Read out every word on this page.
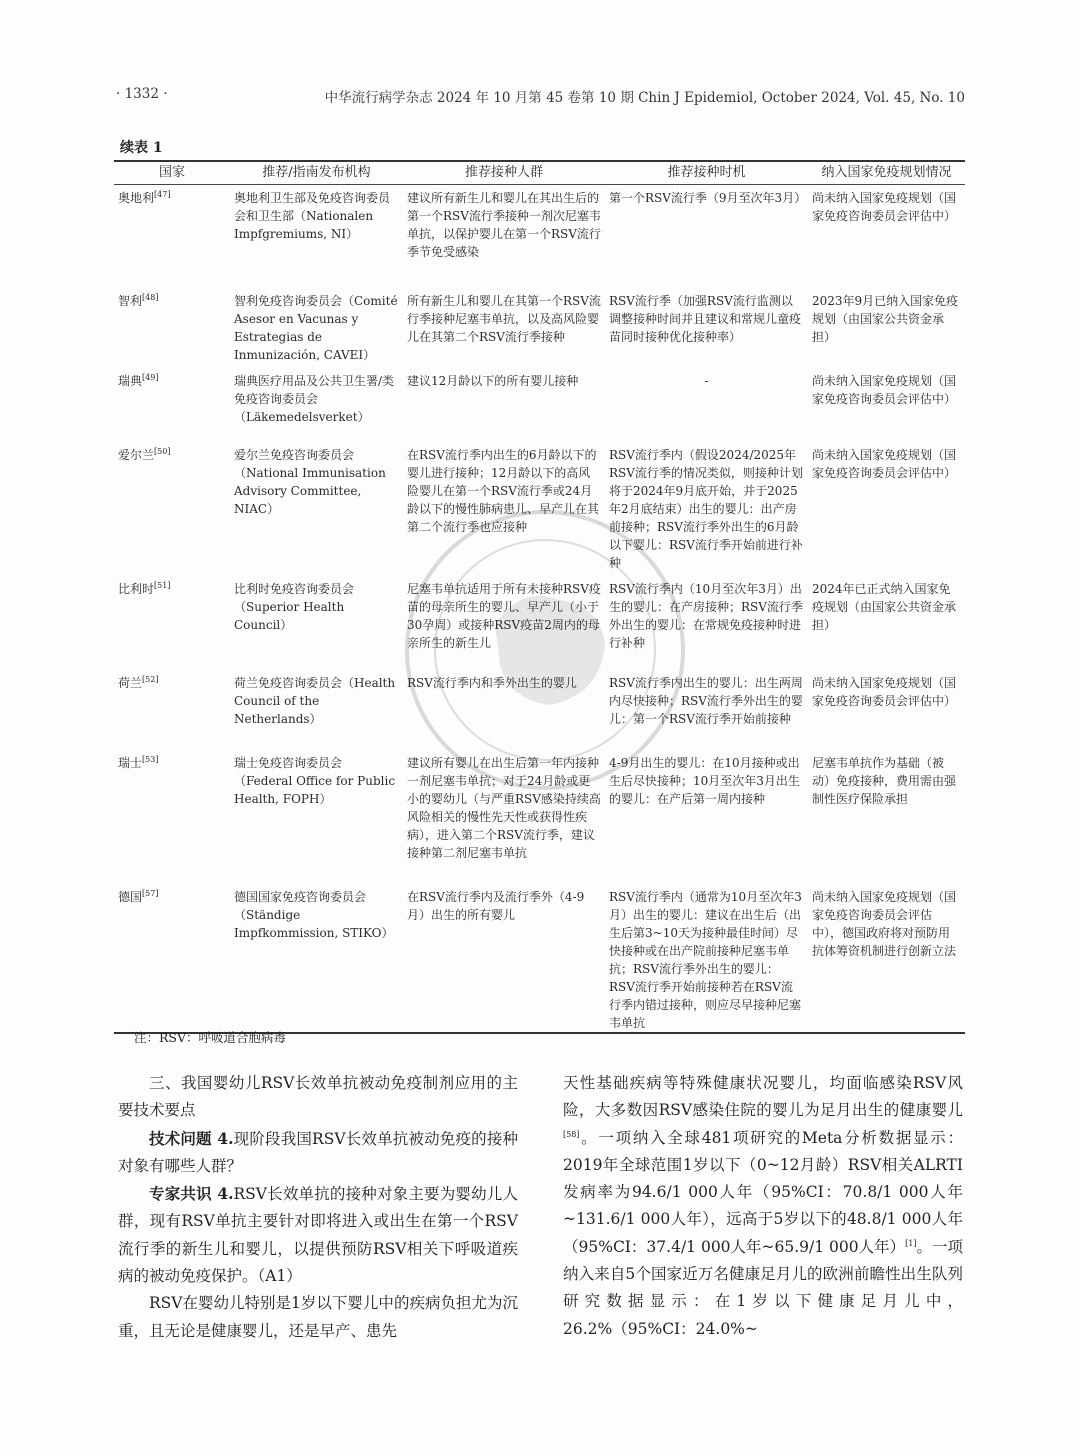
· 1332 ·	中华流行病学杂志 2024 年 10 月第 45 卷第 10 期 Chin J Epidemiol, October 2024, Vol. 45, No. 10
续表 1
国家	推荐/指南发布机构	推荐接种人群	推荐接种时机	纳入国家免疫规划情况
奥地利[47]	奥地利卫生部及免疫咨询委员会和卫生部（Nationalen Impfgremiums, NI）	建议所有新生儿和婴儿在其出生后的第一个RSV流行季接种一剂次尼塞韦单抗，以保护婴儿在第一个RSV流行季节免受感染	第一个RSV流行季（9月至次年3月）	尚未纳入国家免疫规划（国家免疫咨询委员会评估中）
智利[48]	智利免疫咨询委员会（Comité Asesor en Vacunas y Estrategias de Inmunización, CAVEI）	所有新生儿和婴儿在其第一个RSV流行季接种尼塞韦单抗，以及高风险婴儿在其第二个RSV流行季接种	RSV流行季（加强RSV流行监测以调整接种时间并且建议和常规儿童疫苗同时接种优化接种率）	2023年9月已纳入国家免疫规划（由国家公共资金承担）
瑞典[49]	瑞典医疗用品及公共卫生署/类免疫咨询委员会（Läkemedelsverket）	建议12月龄以下的所有婴儿接种	-	尚未纳入国家免疫规划（国家免疫咨询委员会评估中）
爱尔兰[50]	爱尔兰免疫咨询委员会（National Immunisation Advisory Committee, NIAC）	在RSV流行季内出生的6月龄以下的婴儿进行接种；12月龄以下的高风险婴儿在第一个RSV流行季或24月龄以下的慢性肺病患儿、早产儿在其第二个流行季也应接种	RSV流行季内（假设2024/2025年RSV流行季的情况类似，则接种计划将于2024年9月底开始，并于2025年2月底结束）出生的婴儿：出产房前接种；RSV流行季外出生的6月龄以下婴儿：RSV流行季开始前进行补种	尚未纳入国家免疫规划（国家免疫咨询委员会评估中）
比利时[51]	比利时免疫咨询委员会（Superior Health Council）	尼塞韦单抗适用于所有未接种RSV疫苗的母亲所生的婴儿、早产儿（小于30孕周）或接种RSV疫苗2周内的母亲所生的新生儿	RSV流行季内（10月至次年3月）出生的婴儿：在产房接种；RSV流行季外出生的婴儿：在常规免疫接种时进行补种	2024年已正式纳入国家免疫规划（由国家公共资金承担）
荷兰[52]	荷兰免疫咨询委员会（Health Council of the Netherlands）	RSV流行季内和季外出生的婴儿	RSV流行季内出生的婴儿：出生两周内尽快接种；RSV流行季外出生的婴儿：第一个RSV流行季开始前接种	尚未纳入国家免疫规划（国家免疫咨询委员会评估中）
瑞士[53]	瑞士免疫咨询委员会（Federal Office for Public Health, FOPH）	建议所有婴儿在出生后第一年内接种一剂尼塞韦单抗；对于24月龄或更小的婴幼儿（与严重RSV感染持续高风险相关的慢性先天性或获得性疾病），进入第二个RSV流行季，建议接种第二剂尼塞韦单抗	4-9月出生的婴儿：在10月接种或出生后尽快接种；10月至次年3月出生的婴儿：在产后第一周内接种	尼塞韦单抗作为基础（被动）免疫接种，费用需由强制性医疗保险承担
德国[57]	德国国家免疫咨询委员会（Ständige Impfkommission, STIKO）	在RSV流行季内及流行季外（4-9月）出生的所有婴儿	RSV流行季内（通常为10月至次年3月）出生的婴儿：建议在出生后（出生后第3~10天为接种最佳时间）尽快接种或在出产院前接种尼塞韦单抗；RSV流行季外出生的婴儿：RSV流行季开始前接种若在RSV流行季内错过接种，则应尽早接种尼塞韦单抗	尚未纳入国家免疫规划（国家免疫咨询委员会评估中），德国政府将对预防用抗体筹资机制进行创新立法
注：RSV：呼吸道合胞病毒

三、我国婴幼儿RSV长效单抗被动免疫制剂应用的主要技术要点

技术问题 4.现阶段我国RSV长效单抗被动免疫的接种对象有哪些人群？

专家共识 4.RSV长效单抗的接种对象主要为婴幼儿人群，现有RSV单抗主要针对即将进入或出生在第一个RSV流行季的新生儿和婴儿，以提供预防RSV相关下呼吸道疾病的被动免疫保护。（A1）

RSV在婴幼儿特别是1岁以下婴儿中的疾病负担尤为沉重，且无论是健康婴儿，还是早产、患先

天性基础疾病等特殊健康状况婴儿，均面临感染RSV风险，大多数因RSV感染住院的婴儿为足月出生的健康婴儿[58]。一项纳入全球481项研究的Meta分析数据显示：2019年全球范围1岁以下（0~12月龄）RSV相关ALRTI发病率为94.6/1 000人年（95%CI：70.8/1 000人年~131.6/1 000人年），远高于5岁以下的48.8/1 000人年（95%CI：37.4/1 000人年~65.9/1 000人年）[1]。一项纳入来自5个国家近万名健康足月儿的欧洲前瞻性出生队列研究数据显示：在1岁以下健康足月儿中，26.2%（95%CI：24.0%~
